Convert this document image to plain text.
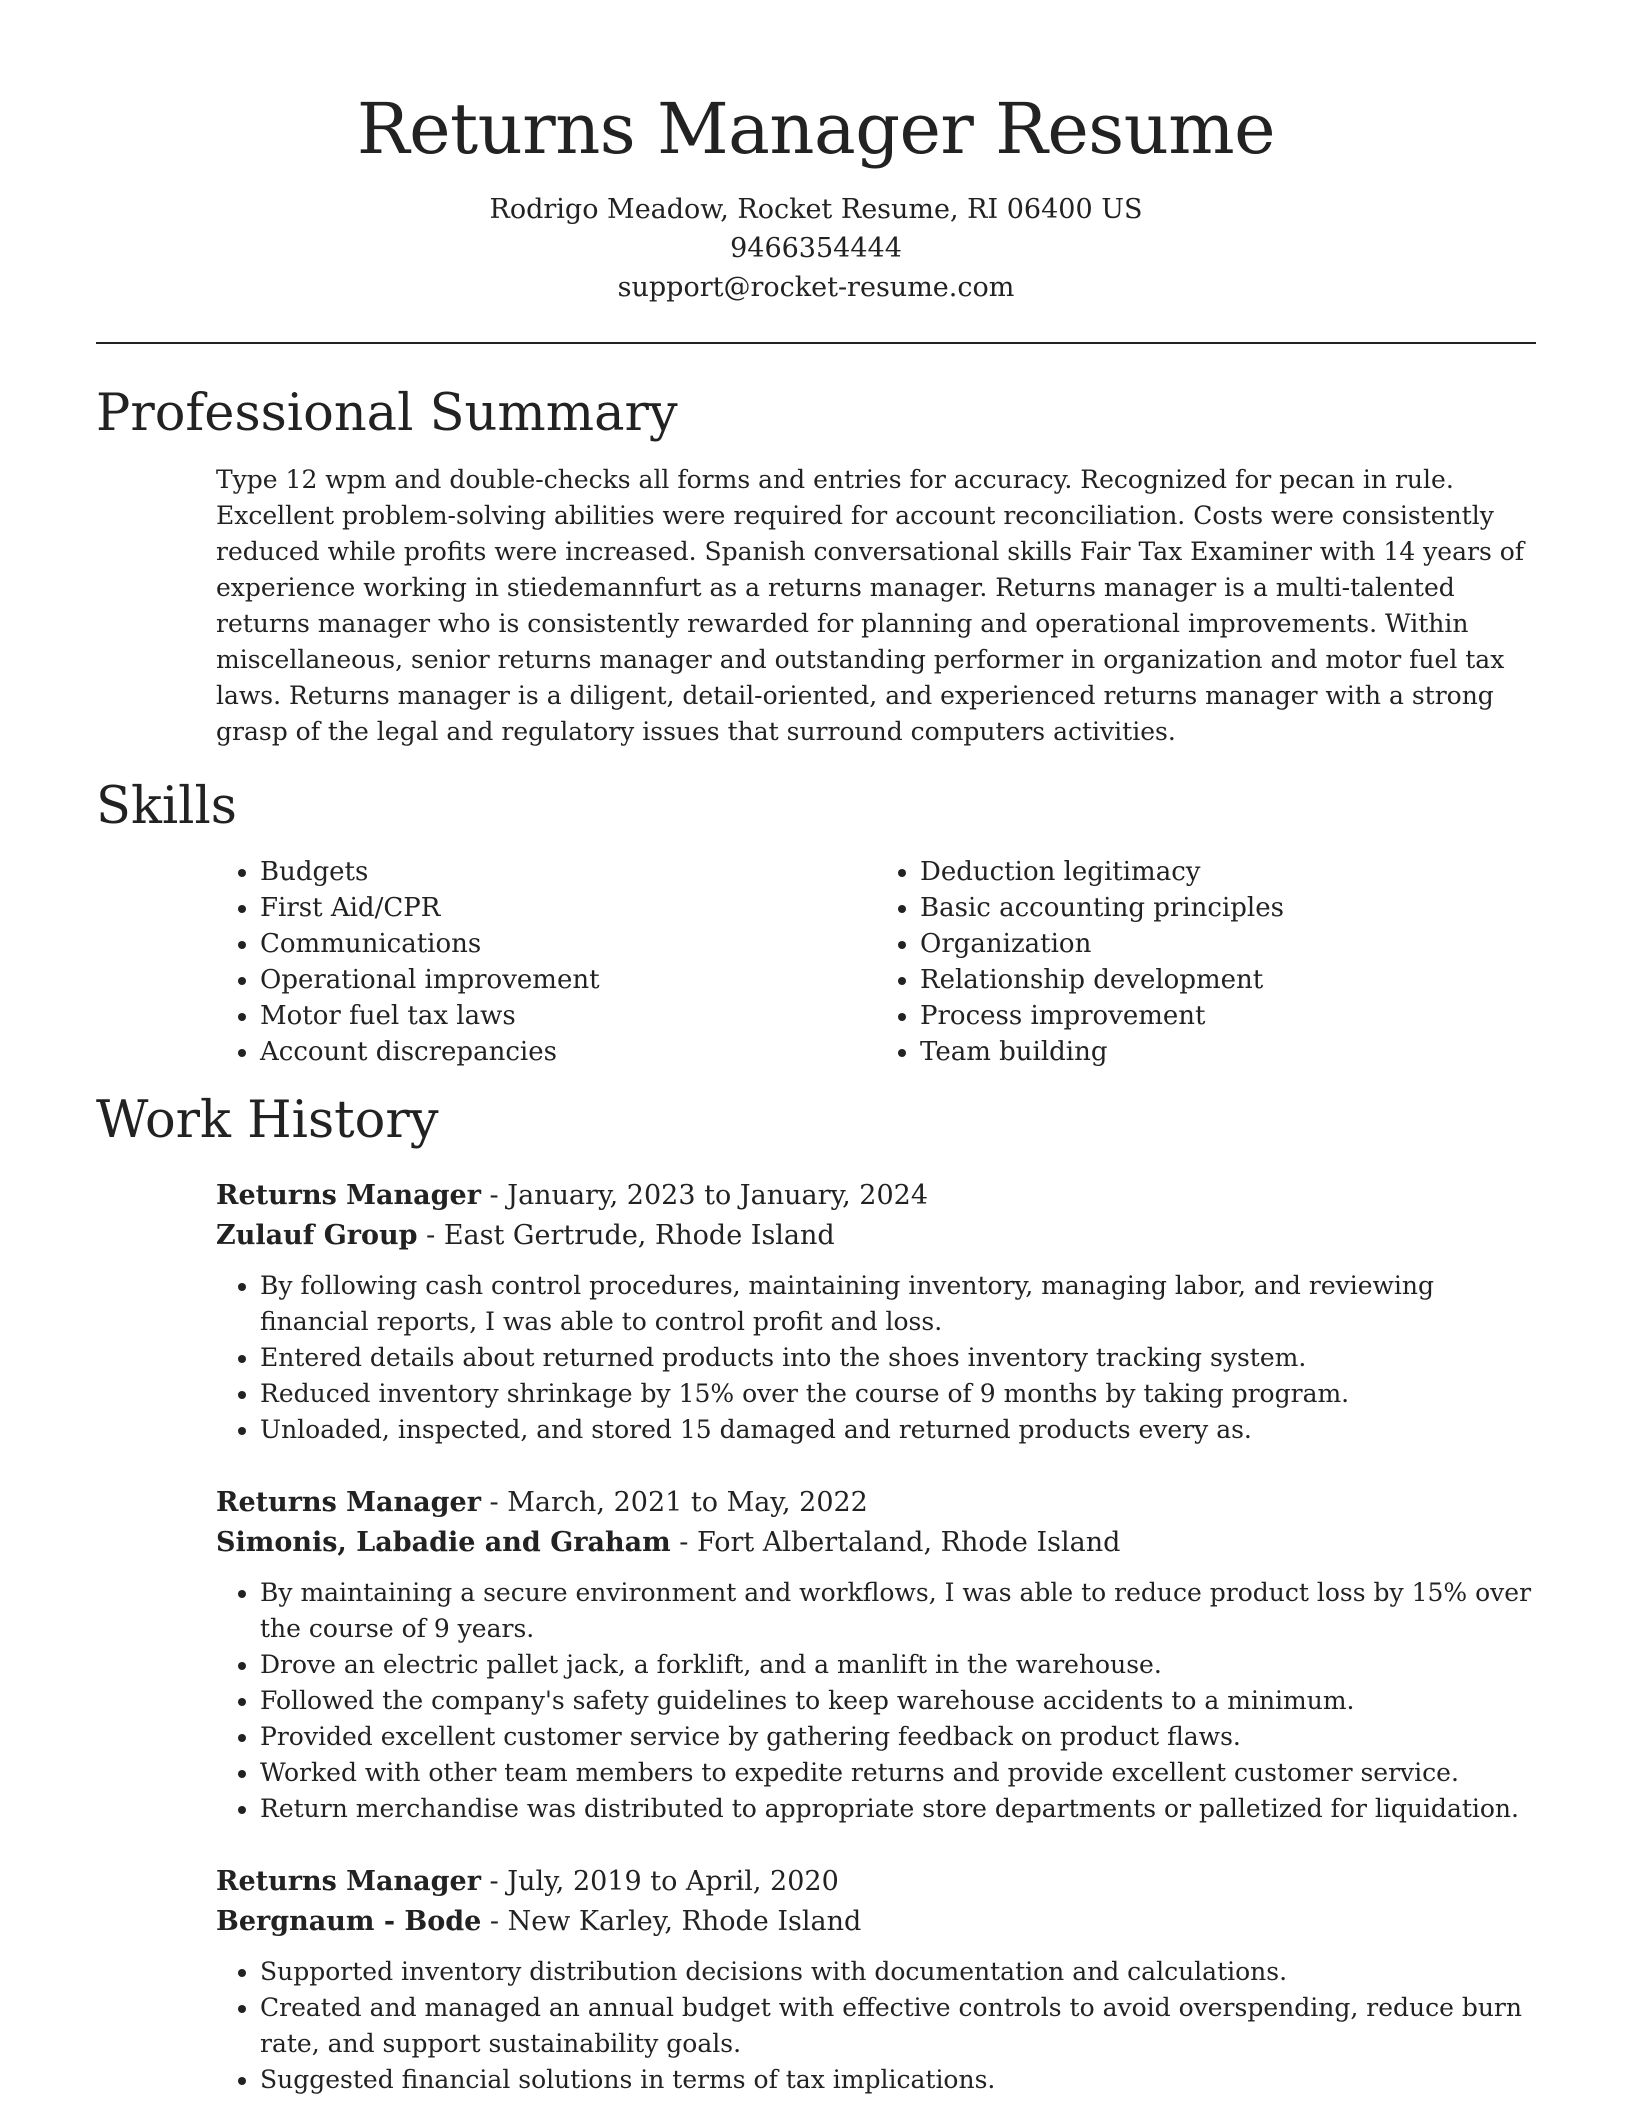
Returns Manager Resume

Rodrigo Meadow, Rocket Resume, RI 06400 US

9466354444

support@rocket-resume.com

Professional Summary

Type 12 wpm and double-checks all forms and entries for accuracy. Recognized for pecan in rule. Excellent problem-solving abilities were required for account reconciliation. Costs were consistently reduced while profits were increased. Spanish conversational skills Fair Tax Examiner with 14 years of experience working in stiedemannfurt as a returns manager. Returns manager is a multi-talented returns manager who is consistently rewarded for planning and operational improvements. Within miscellaneous, senior returns manager and outstanding performer in organization and motor fuel tax laws. Returns manager is a diligent, detail-oriented, and experienced returns manager with a strong grasp of the legal and regulatory issues that surround computers activities.

Skills
• Budgets
• First Aid/CPR
• Communications
• Operational improvement
• Motor fuel tax laws
• Account discrepancies
• Deduction legitimacy
• Basic accounting principles
• Organization
• Relationship development
• Process improvement
• Team building
Work History

Returns Manager - January, 2023 to January, 2024

Zulauf Group - East Gertrude, Rhode Island

• By following cash control procedures, maintaining inventory, managing labor, and reviewing financial reports, I was able to control profit and loss.
• Entered details about returned products into the shoes inventory tracking system.
• Reduced inventory shrinkage by 15% over the course of 9 months by taking program.
• Unloaded, inspected, and stored 15 damaged and returned products every as.

Returns Manager - March, 2021 to May, 2022

Simonis, Labadie and Graham - Fort Albertaland, Rhode Island

• By maintaining a secure environment and workflows, I was able to reduce product loss by 15% over the course of 9 years.
• Drove an electric pallet jack, a forklift, and a manlift in the warehouse.
• Followed the company's safety guidelines to keep warehouse accidents to a minimum.
• Provided excellent customer service by gathering feedback on product flaws.
• Worked with other team members to expedite returns and provide excellent customer service.
• Return merchandise was distributed to appropriate store departments or palletized for liquidation.

Returns Manager - July, 2019 to April, 2020

Bergnaum - Bode - New Karley, Rhode Island

• Supported inventory distribution decisions with documentation and calculations.
• Created and managed an annual budget with effective controls to avoid overspending, reduce burn rate, and support sustainability goals.
• Suggested financial solutions in terms of tax implications.
